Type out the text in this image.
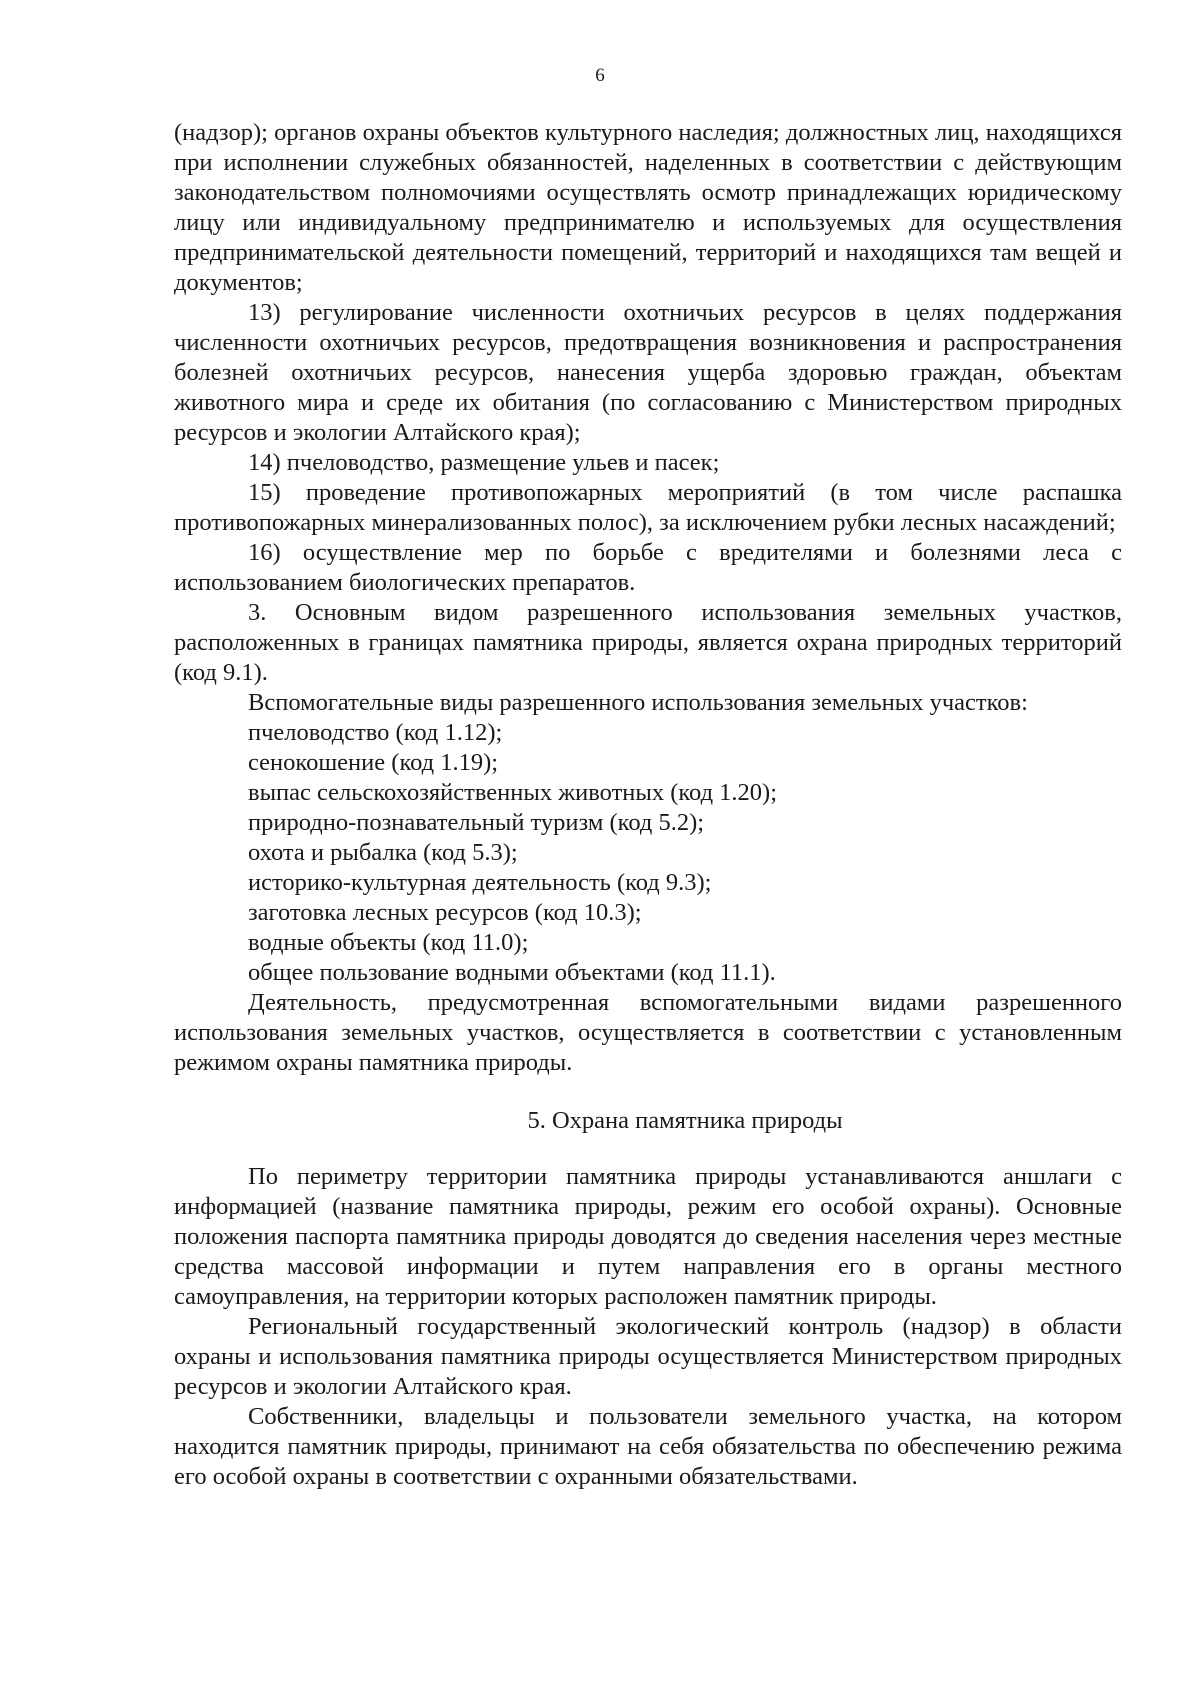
6

(надзор); органов охраны объектов культурного наследия; должностных лиц, находящихся при исполнении служебных обязанностей, наделенных в соответствии с действующим законодательством полномочиями осуществлять осмотр принадлежащих юридическому лицу или индивидуальному предпринимателю и используемых для осуществления предпринимательской деятельности помещений, территорий и находящихся там вещей и документов;

13) регулирование численности охотничьих ресурсов в целях поддержания численности охотничьих ресурсов, предотвращения возникновения и распространения болезней охотничьих ресурсов, нанесения ущерба здоровью граждан, объектам животного мира и среде их обитания (по согласованию с Министерством природных ресурсов и экологии Алтайского края);

14) пчеловодство, размещение ульев и пасек;

15) проведение противопожарных мероприятий (в том числе распашка противопожарных минерализованных полос), за исключением рубки лесных насаждений;

16) осуществление мер по борьбе с вредителями и болезнями леса с использованием биологических препаратов.

3. Основным видом разрешенного использования земельных участков, расположенных в границах памятника природы, является охрана природных территорий (код 9.1).

Вспомогательные виды разрешенного использования земельных участков:

пчеловодство (код 1.12);

сенокошение (код 1.19);

выпас сельскохозяйственных животных (код 1.20);

природно-познавательный туризм (код 5.2);

охота и рыбалка (код 5.3);

историко-культурная деятельность (код 9.3);

заготовка лесных ресурсов (код 10.3);

водные объекты (код 11.0);

общее пользование водными объектами (код 11.1).

Деятельность, предусмотренная вспомогательными видами разрешенного использования земельных участков, осуществляется в соответствии с установленным режимом охраны памятника природы.

5. Охрана памятника природы

По периметру территории памятника природы устанавливаются аншлаги с информацией (название памятника природы, режим его особой охраны). Основные положения паспорта памятника природы доводятся до сведения населения через местные средства массовой информации и путем направления его в органы местного самоуправления, на территории которых расположен памятник природы.

Региональный государственный экологический контроль (надзор) в области охраны и использования памятника природы осуществляется Министерством природных ресурсов и экологии Алтайского края.

Собственники, владельцы и пользователи земельного участка, на котором находится памятник природы, принимают на себя обязательства по обеспечению режима его особой охраны в соответствии с охранными обязательствами.
